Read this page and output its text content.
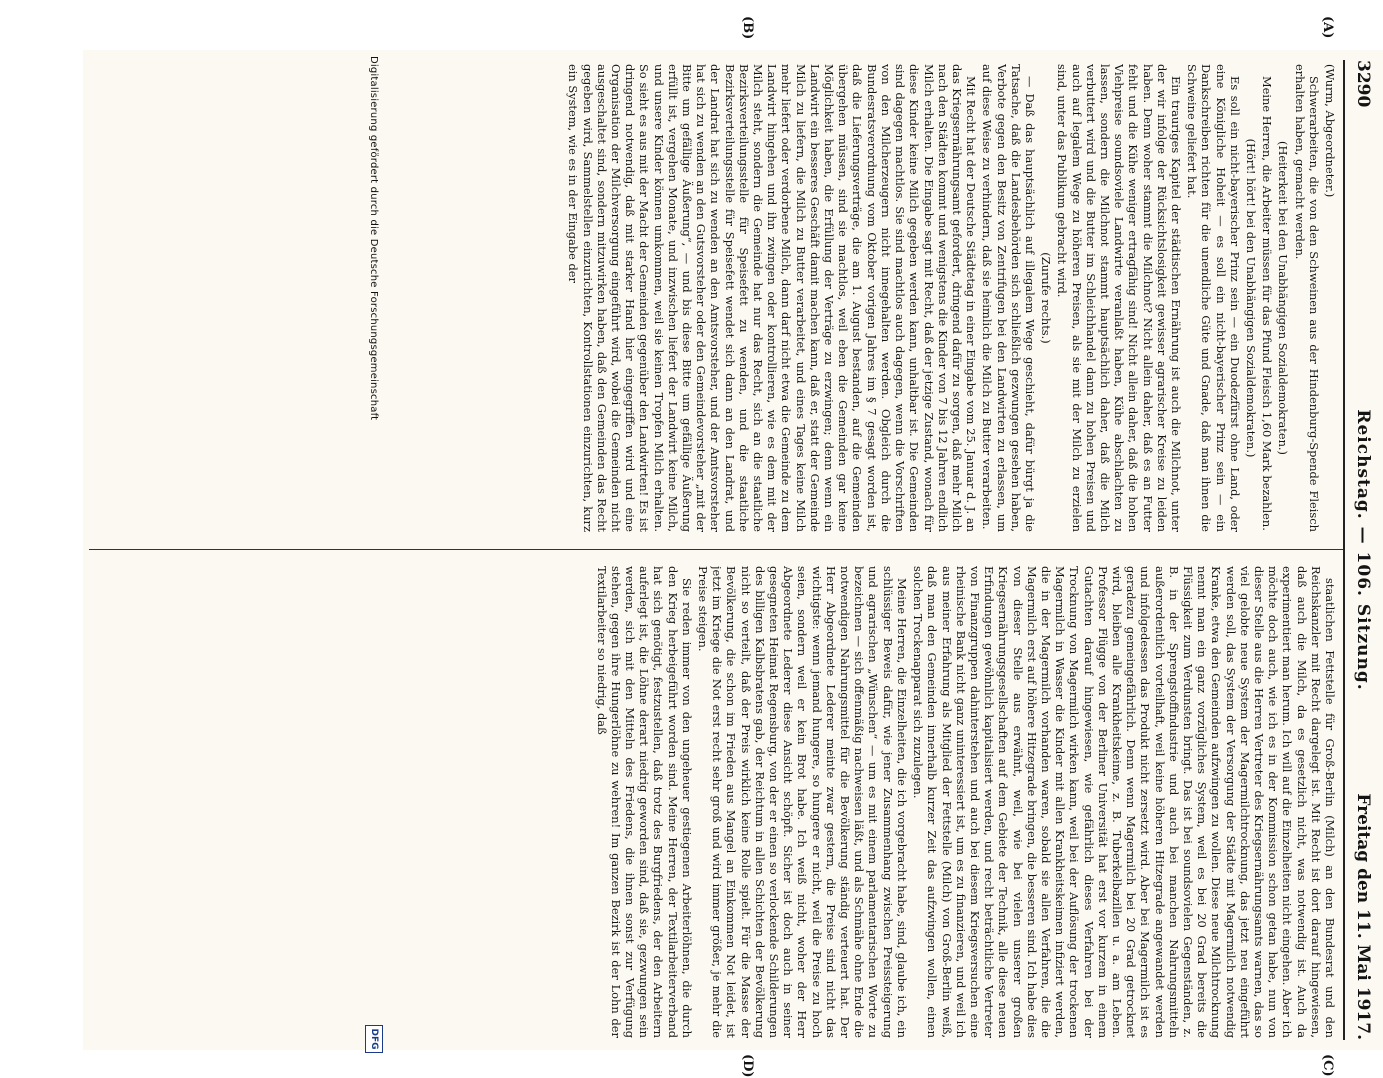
3290
Reichstag. — 106. Sitzung.
Freitag den 11. Mai 1917.
(A)
(B)
(C)
(D)

(Wurm, Abgeordneter.)

Schwerarbeiten, die von den Schweinen aus der Hindenburg-Spende Fleisch erhalten haben, gemacht werden.

(Heiterkeit bei den Unabhängigen Sozialdemokraten.)

Meine Herren, die Arbeiter müssen für das Pfund Fleisch 1,60 Mark bezahlen.

(Hört! hört! bei den Unabhängigen Sozialdemokraten.)

Es soll ein nicht-bayerischer Prinz sein — ein Duodezfürst ohne Land, oder eine Königliche Hoheit — es soll ein nicht-bayerischer Prinz sein — ein Dankschreiben richten für die unendliche Güte und Gnade, daß man ihnen die Schweine geliefert hat.

Ein trauriges Kapitel der städtischen Ernährung ist auch die Milchnot, unter der wir infolge der Rücksichtslosigkeit gewisser agrarischer Kreise zu leiden haben. Denn woher stammt die Milchnot? Nicht allein daher, daß es an Futter fehlt und die Kühe weniger ertragfähig sind! Nicht allein daher, daß die hohen Viehpreise soundsoviele Landwirte veranlaßt haben, Kühe abschlachten zu lassen, sondern die Milchnot stammt hauptsächlich daher, daß die Milch verbuttert wird und die Butter im Schleichhandel dann zu hohen Preisen und auch auf legalem Wege zu höheren Preisen, als sie mit der Milch zu erzielen sind, unter das Publikum gebracht wird.

(Zurufe rechts.)

— Daß das hauptsächlich auf illegalem Wege geschieht, dafür bürgt ja die Tatsache, daß die Landesbehörden sich schließlich gezwungen gesehen haben, Verbote gegen den Besitz von Zentrifugen bei den Landwirten zu erlassen, um auf diese Weise zu verhindern, daß sie heimlich die Milch zu Butter verarbeiten.

Mit Recht hat der Deutsche Städtetag in einer Eingabe vom 25. Januar d. J. an das Kriegsernährungsamt gefordert, dringend dafür zu sorgen, daß mehr Milch nach den Städten kommt und wenigstens die Kinder von 7 bis 12 Jahren endlich Milch erhalten. Die Eingabe sagt mit Recht, daß der jetzige Zustand, wonach für diese Kinder keine Milch gegeben werden kann, unhaltbar ist. Die Gemeinden sind dagegen machtlos. Sie sind machtlos auch dagegen, wenn die Vorschriften von den Milcherzeugern nicht innegehalten werden. Obgleich durch die Bundesratsverordnung vom Oktober vorigen Jahres im § 7 gesagt worden ist, daß die Lieferungsverträge, die am 1. August bestanden, auf die Gemeinden übergehen müssen, sind sie machtlos, weil eben die Gemeinden gar keine Möglichkeit haben, die Erfüllung der Verträge zu erzwingen; denn wenn ein Landwirt ein besseres Geschäft damit machen kann, daß er, statt der Gemeinde Milch zu liefern, die Milch zu Butter verarbeitet, und eines Tages keine Milch mehr liefert oder verdorbene Milch, dann darf nicht etwa die Gemeinde zu dem Landwirt hingehen und ihn zwingen oder kontrollieren, wie es dem mit der Milch steht, sondern die Gemeinde hat nur das Recht, sich an die staatliche Bezirksverteilungsstelle für Speisefett zu wenden, und die staatliche Bezirksverteilungsstelle für Speisefett wendet sich dann an den Landrat, und der Landrat hat sich zu wenden an den Amtsvorsteher, und der Amtsvorsteher hat sich zu wenden an den Gutsvorsteher oder den Gemeindevorsteher „mit der Bitte um gefällige Äußerung“, — und bis diese Bitte um gefällige Äußerung erfüllt ist, vergehen Monate, und inzwischen liefert der Landwirt keine Milch, und unsere Kinder können umkommen, weil sie keinen Tropfen Milch erhalten. So sieht es aus mit der Macht der Gemeinden gegenüber den Landwirten! Es ist dringend notwendig, daß mit starker Hand hier eingegriffen wird und eine Organisation der Milchversorgung eingeführt wird, wobei die Gemeinden nicht ausgeschaltet sind, sondern mitzuwirken haben, daß den Gemeinden das Recht gegeben wird, Sammelstellen einzurichten, Kontrollstationen einzurichten, kurz ein System, wie es in der Eingabe der

staatlichen Fettstelle für Groß-Berlin (Milch) an den Bundesrat und den Reichskanzler mit Recht dargelegt ist. Mit Recht ist dort darauf hingewiesen, daß auch die Milch, da es gesetzlich nicht, was notwendig ist. Auch da experimentiert man herum. Ich will auf die Einzelheiten nicht eingehen. Aber ich möchte doch auch, wie ich es in der Kommission schon getan habe, nun von dieser Stelle aus die Herren Vertreter des Kriegsernährungsamts warnen, das so viel gelobte neue System der Magermilchtrocknung, das jetzt neu eingeführt werden soll, das System der Versorgung der Städte mit Magermilch notwendig Kranke, etwa den Gemeinden aufzwingen zu wollen. Diese neue Milchtrocknung nennt man ein ganz vorzügliches System, weil es bei 20 Grad bereits die Flüssigkeit zum Verdunsten bringt. Das ist bei soundsovielen Gegenständen, z. B. in der Sprengstoffindustrie und auch bei manchen Nahrungsmitteln außerordentlich vorteilhaft, weil keine höheren Hitzegrade angewandet werden und infolgedessen das Produkt nicht zersetzt wird. Aber bei Magermilch ist es geradezu gemeingefährlich. Denn wenn Magermilch bei 20 Grad getrocknet wird, bleiben alle Krankheitskeime, z. B. Tuberkelbazillen u. a. am Leben. Professor Flügge von der Berliner Universität hat erst vor kurzem in einem Gutachten darauf hingewiesen, wie gefährlich dieses Verfahren bei der Trocknung von Magermilch wirken kann, weil bei der Auflösung der trockenen Magermilch in Wasser die Kinder mit allen Krankheitskeimen infiziert werden, die in der Magermilch vorhanden waren, sobald sie allen Verfahren, die die Magermilch erst auf höhere Hitzegrade bringen, die besseren sind. Ich habe dies von dieser Stelle aus erwähnt, weil, wie bei vielen unserer großen Kriegsernährungsgesellschaften auf dem Gebiete der Technik, alle diese neuen Erfindungen gewöhnlich kapitalisiert werden, und recht beträchtliche Vertreter von Finanzgruppen dahinterstehen und auch bei diesem Kriegsversuchen eine rheinische Bank nicht ganz uninteressiert ist, um es zu finanzieren, und weil ich aus meiner Erfahrung als Mitglied der Fettstelle (Milch) von Groß-Berlin weiß, daß man den Gemeinden innerhalb kurzer Zeit das aufzwingen wollen, einen solchen Trockenapparat sich zuzulegen.

Meine Herren, die Einzelheiten, die ich vorgebracht habe, sind, glaube ich, ein schlüssiger Beweis dafür, wie jener Zusammenhang zwischen Preissteigerung und agrarischen „Wünschen“ — um es mit einem parlamentarischen Worte zu bezeichnen — sich offenmäßig nachweisen läßt, und als Schmähe ohne Ende die notwendigen Nahrungsmittel für die Bevölkerung ständig verteuert hat. Der Herr Abgeordnete Lederer meinte zwar gestern, die Preise sind nicht das wichtigste: wenn jemand hungere, so hungere er nicht, weil die Preise zu hoch seien, sondern weil er kein Brot habe. Ich weiß nicht, woher der Herr Abgeordnete Lederer diese Ansicht schöpft. Sicher ist doch auch in seiner gesegneten Heimat Regensburg, von der er einen so verlockende Schilderungen des billigen Kalbsbratens gab, der Reichtum in allen Schichten der Bevölkerung nicht so verteilt, daß der Preis wirklich keine Rolle spielt. Für die Masse der Bevölkerung, die schon im Frieden aus Mangel an Einkommen Not leidet, ist jetzt im Kriege die Not erst recht sehr groß und wird immer größer, je mehr die Preise steigen.

Sie reden immer von den ungeheuer gestiegenen Arbeiterlöhnen, die durch den Krieg herbeigeführt worden sind. Meine Herren, der Textilarbeiterverband hat sich genötigt, festzustellen, daß trotz des Burgfriedens, der den Arbeitern auferlegt ist, die Löhne derart niedrig geworden sind, daß sie, gezwungen sein werden, sich mit den Mitteln des Friedens, die ihnen sonst zur Verfügung stehen, gegen ihre Hungerlöhne zu wehren! Im ganzen Bezirk ist der Lohn der Textilarbeiter so niedrig, daß

Digitalisierung gefördert durch die Deutsche Forschungsgemeinschaft
DFG
